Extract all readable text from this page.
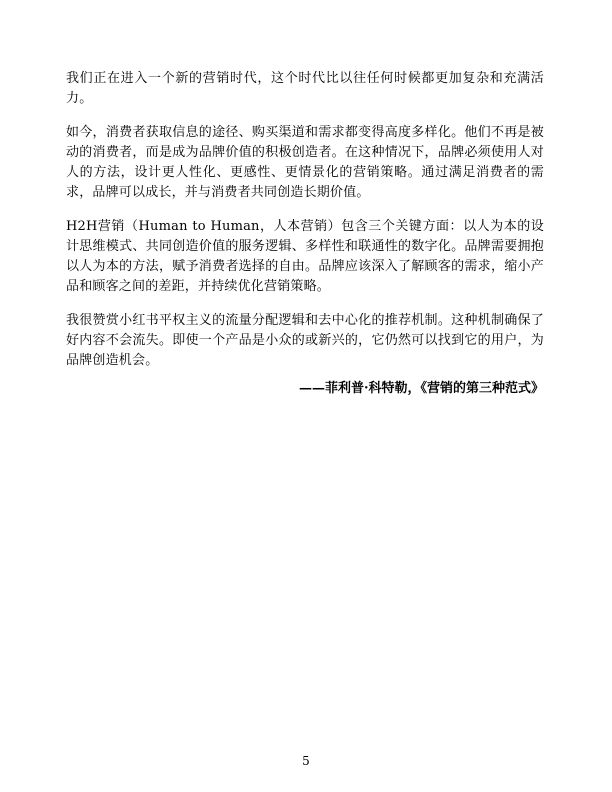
我们正在进入一个新的营销时代，这个时代比以往任何时候都更加复杂和充满活力。

如今，消费者获取信息的途径、购买渠道和需求都变得高度多样化。他们不再是被动的消费者，而是成为品牌价值的积极创造者。在这种情况下，品牌必须使用人对人的方法，设计更人性化、更感性、更情景化的营销策略。通过满足消费者的需求，品牌可以成长，并与消费者共同创造长期价值。

H2H营销（Human to Human，人本营销）包含三个关键方面：以人为本的设计思维模式、共同创造价值的服务逻辑、多样性和联通性的数字化。品牌需要拥抱以人为本的方法，赋予消费者选择的自由。品牌应该深入了解顾客的需求，缩小产品和顾客之间的差距，并持续优化营销策略。

我很赞赏小红书平权主义的流量分配逻辑和去中心化的推荐机制。这种机制确保了好内容不会流失。即使一个产品是小众的或新兴的，它仍然可以找到它的用户，为品牌创造机会。

——菲利普·科特勒，《营销的第三种范式》

5
